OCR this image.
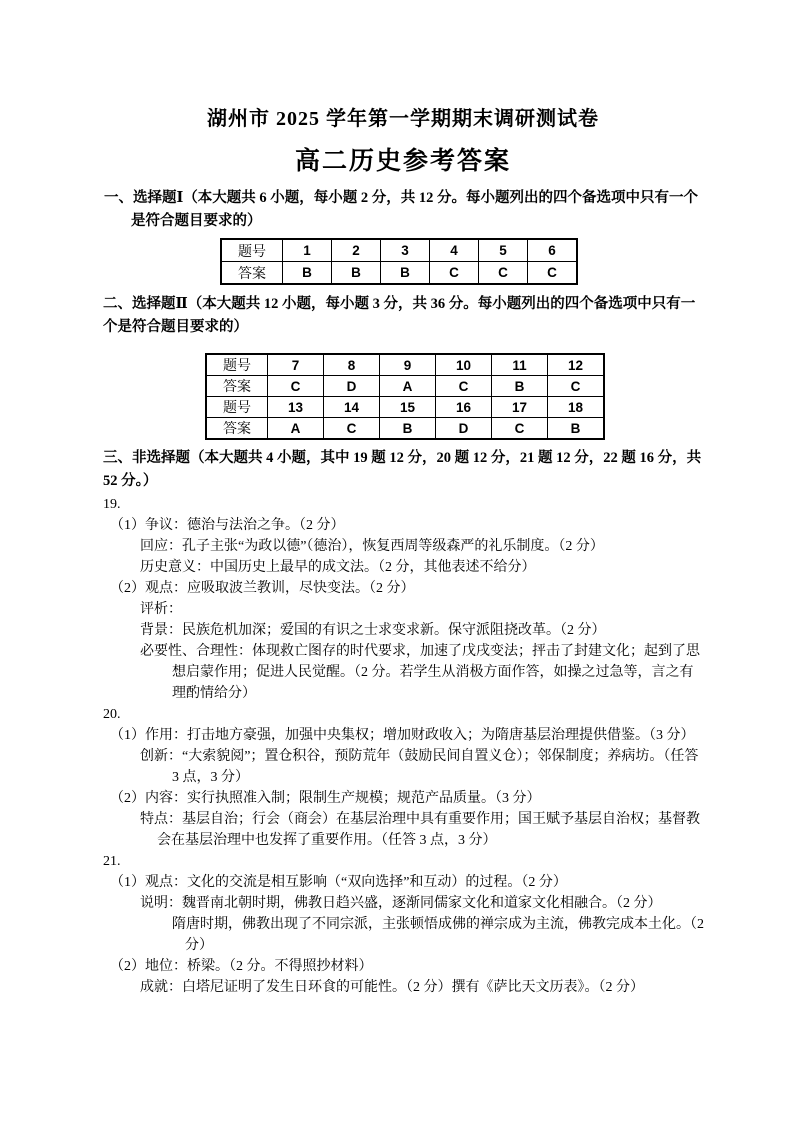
湖州市 2025 学年第一学期期末调研测试卷
高二历史参考答案

一、选择题Ⅰ（本大题共 6 小题，每小题 2 分，共 12 分。每小题列出的四个备选项中只有一个是符合题目要求的）

题号	1	2	3	4	5	6
答案	B	B	B	C	C	C

二、选择题Ⅱ（本大题共 12 小题，每小题 3 分，共 36 分。每小题列出的四个备选项中只有一个是符合题目要求的）

题号	7	8	9	10	11	12
答案	C	D	A	C	B	C
题号	13	14	15	16	17	18
答案	A	C	B	D	C	B

三、非选择题（本大题共 4 小题，其中 19 题 12 分，20 题 12 分，21 题 12 分，22 题 16 分，共 52 分。）

19.
（1）争议：德治与法治之争。（2 分）
回应：孔子主张“为政以德”（德治），恢复西周等级森严的礼乐制度。（2 分）
历史意义：中国历史上最早的成文法。（2 分，其他表述不给分）
（2）观点：应吸取波兰教训，尽快变法。（2 分）
评析：
背景：民族危机加深；爱国的有识之士求变求新。保守派阻挠改革。（2 分）
必要性、合理性：体现救亡图存的时代要求，加速了戊戌变法；抨击了封建文化；起到了思想启蒙作用；促进人民觉醒。（2 分。若学生从消极方面作答，如操之过急等，言之有理酌情给分）
20.
（1）作用：打击地方豪强，加强中央集权；增加财政收入；为隋唐基层治理提供借鉴。（3 分）
创新：“大索貌阅”；置仓积谷，预防荒年（鼓励民间自置义仓）；邻保制度；养病坊。（任答 3 点，3 分）
（2）内容：实行执照准入制；限制生产规模；规范产品质量。（3 分）
特点：基层自治；行会（商会）在基层治理中具有重要作用；国王赋予基层自治权；基督教会在基层治理中也发挥了重要作用。（任答 3 点，3 分）
21.
（1）观点：文化的交流是相互影响（“双向选择”和互动）的过程。（2 分）
说明：魏晋南北朝时期，佛教日趋兴盛，逐渐同儒家文化和道家文化相融合。（2 分）
隋唐时期，佛教出现了不同宗派，主张顿悟成佛的禅宗成为主流，佛教完成本土化。（2 分）
（2）地位：桥梁。（2 分。不得照抄材料）
成就：白塔尼证明了发生日环食的可能性。（2 分）撰有《萨比天文历表》。（2 分）
